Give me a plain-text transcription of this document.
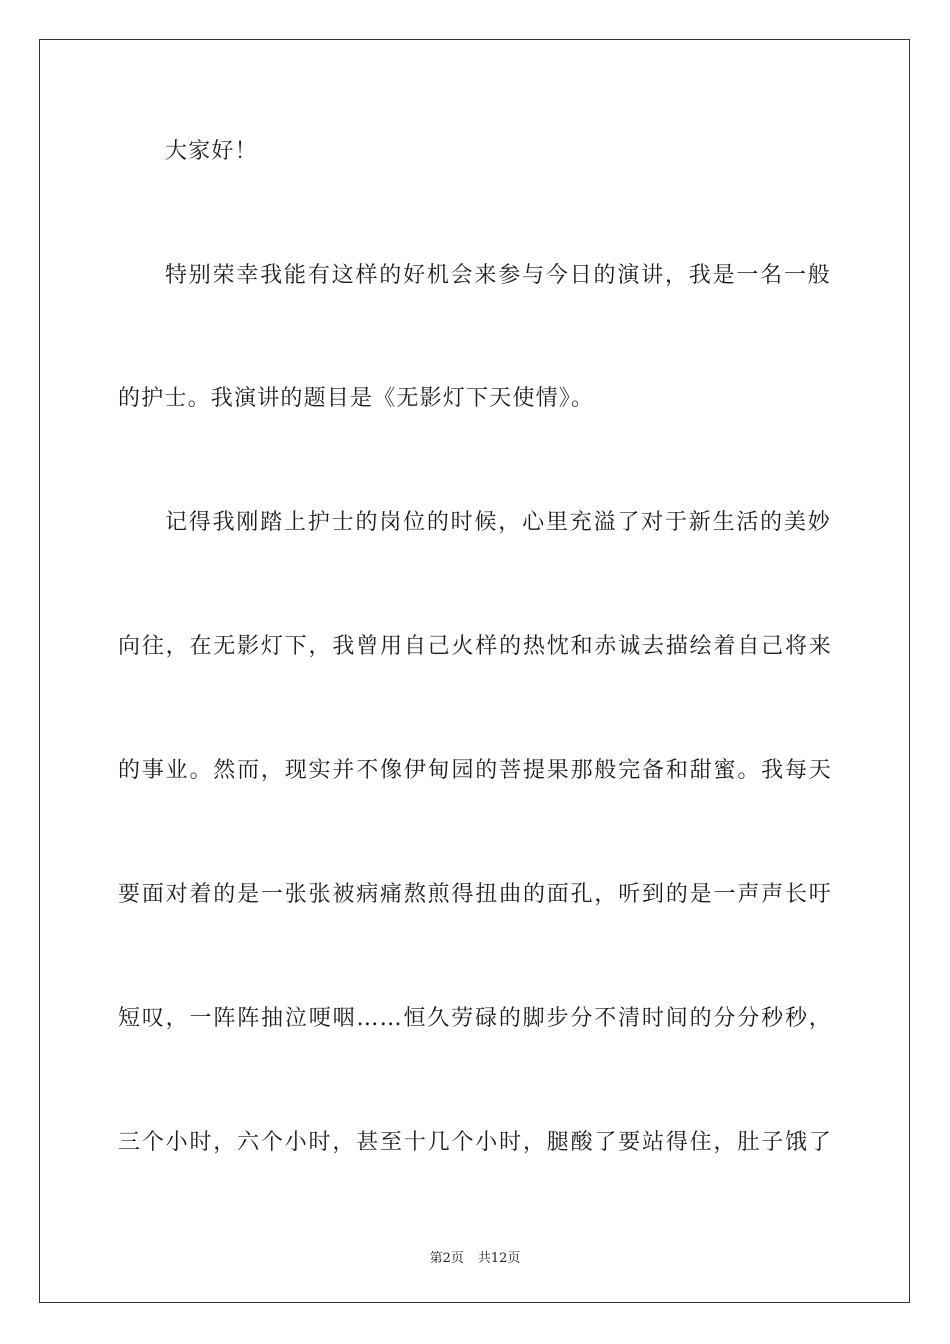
大家好！
特别荣幸我能有这样的好机会来参与今日的演讲，我是一名一般
的护士。我演讲的题目是《无影灯下天使情》。
记得我刚踏上护士的岗位的时候，心里充溢了对于新生活的美妙
向往，在无影灯下，我曾用自己火样的热忱和赤诚去描绘着自己将来
的事业。然而，现实并不像伊甸园的菩提果那般完备和甜蜜。我每天
要面对着的是一张张被病痛熬煎得扭曲的面孔，听到的是一声声长吁
短叹，一阵阵抽泣哽咽……恒久劳碌的脚步分不清时间的分分秒秒，
三个小时，六个小时，甚至十几个小时，腿酸了要站得住，肚子饿了
第2页 共12页
